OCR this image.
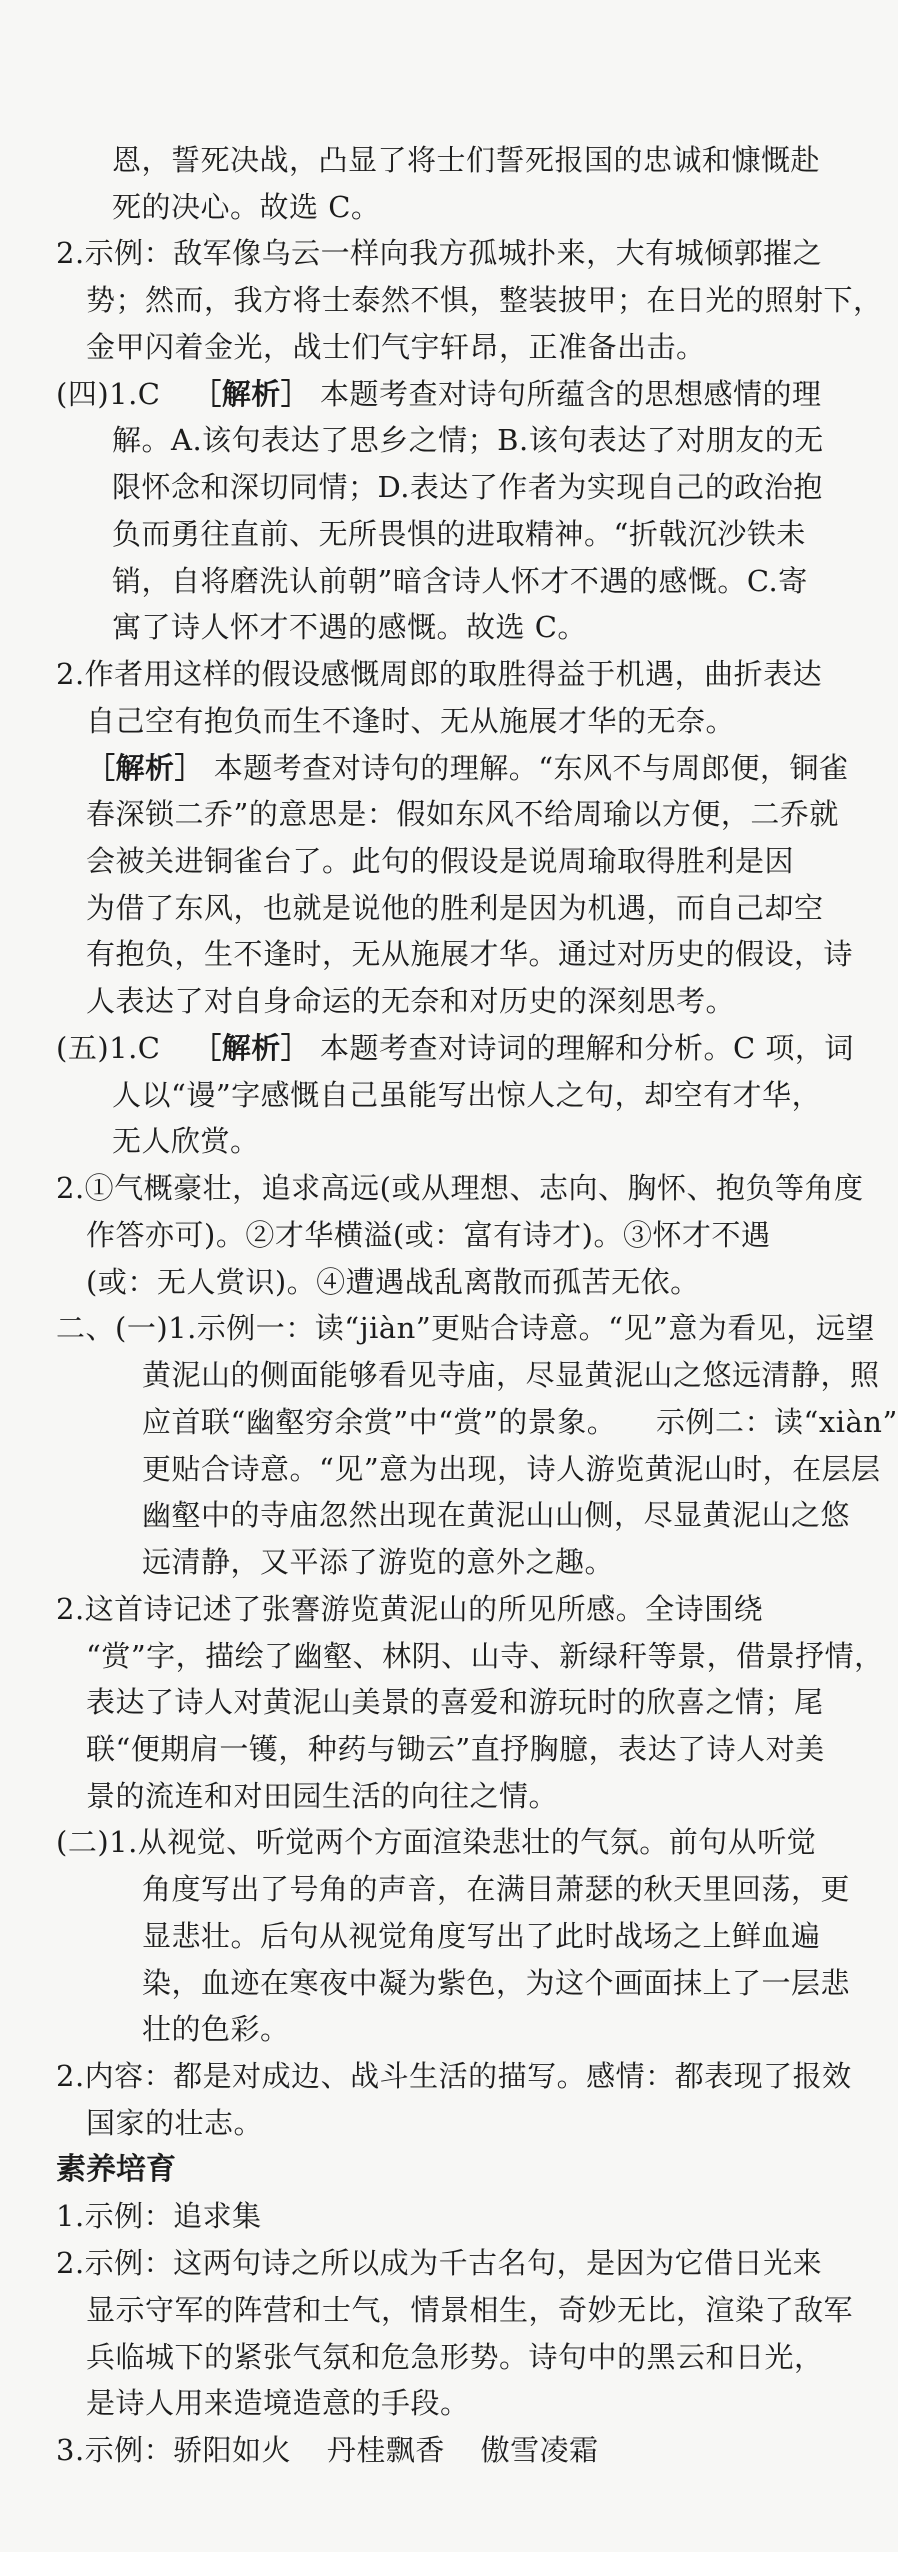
恩，誓死决战，凸显了将士们誓死报国的忠诚和慷慨赴
死的决心。故选 C。
2.示例：敌军像乌云一样向我方孤城扑来，大有城倾郭摧之
势；然而，我方将士泰然不惧，整装披甲；在日光的照射下，
金甲闪着金光，战士们气宇轩昂，正准备出击。
(四)1.C ［解析］ 本题考查对诗句所蕴含的思想感情的理
解。A.该句表达了思乡之情；B.该句表达了对朋友的无
限怀念和深切同情；D.表达了作者为实现自己的政治抱
负而勇往直前、无所畏惧的进取精神。“折戟沉沙铁未
销，自将磨洗认前朝”暗含诗人怀才不遇的感慨。C.寄
寓了诗人怀才不遇的感慨。故选 C。
2.作者用这样的假设感慨周郎的取胜得益于机遇，曲折表达
自己空有抱负而生不逢时、无从施展才华的无奈。
［解析］ 本题考查对诗句的理解。“东风不与周郎便，铜雀
春深锁二乔”的意思是：假如东风不给周瑜以方便，二乔就
会被关进铜雀台了。此句的假设是说周瑜取得胜利是因
为借了东风，也就是说他的胜利是因为机遇，而自己却空
有抱负，生不逢时，无从施展才华。通过对历史的假设，诗
人表达了对自身命运的无奈和对历史的深刻思考。
(五)1.C ［解析］ 本题考查对诗词的理解和分析。C 项，词
人以“谩”字感慨自己虽能写出惊人之句，却空有才华，
无人欣赏。
2.①气概豪壮，追求高远(或从理想、志向、胸怀、抱负等角度
作答亦可)。②才华横溢(或：富有诗才)。③怀才不遇
(或：无人赏识)。④遭遇战乱离散而孤苦无依。
二、(一)1.示例一：读“jiàn”更贴合诗意。“见”意为看见，远望
黄泥山的侧面能够看见寺庙，尽显黄泥山之悠远清静，照
应首联“幽壑穷余赏”中“赏”的景象。 示例二：读“xiàn”
更贴合诗意。“见”意为出现，诗人游览黄泥山时，在层层
幽壑中的寺庙忽然出现在黄泥山山侧，尽显黄泥山之悠
远清静，又平添了游览的意外之趣。
2.这首诗记述了张謇游览黄泥山的所见所感。全诗围绕
“赏”字，描绘了幽壑、林阴、山寺、新绿秆等景，借景抒情，
表达了诗人对黄泥山美景的喜爱和游玩时的欣喜之情；尾
联“便期肩一镬，种药与锄云”直抒胸臆，表达了诗人对美
景的流连和对田园生活的向往之情。
(二)1.从视觉、听觉两个方面渲染悲壮的气氛。前句从听觉
角度写出了号角的声音，在满目萧瑟的秋天里回荡，更
显悲壮。后句从视觉角度写出了此时战场之上鲜血遍
染，血迹在寒夜中凝为紫色，为这个画面抹上了一层悲
壮的色彩。
2.内容：都是对成边、战斗生活的描写。感情：都表现了报效
国家的壮志。
素养培育
1.示例：追求集
2.示例：这两句诗之所以成为千古名句，是因为它借日光来
显示守军的阵营和士气，情景相生，奇妙无比，渲染了敌军
兵临城下的紧张气氛和危急形势。诗句中的黑云和日光，
是诗人用来造境造意的手段。
3.示例：骄阳如火 丹桂飘香 傲雪凌霜
